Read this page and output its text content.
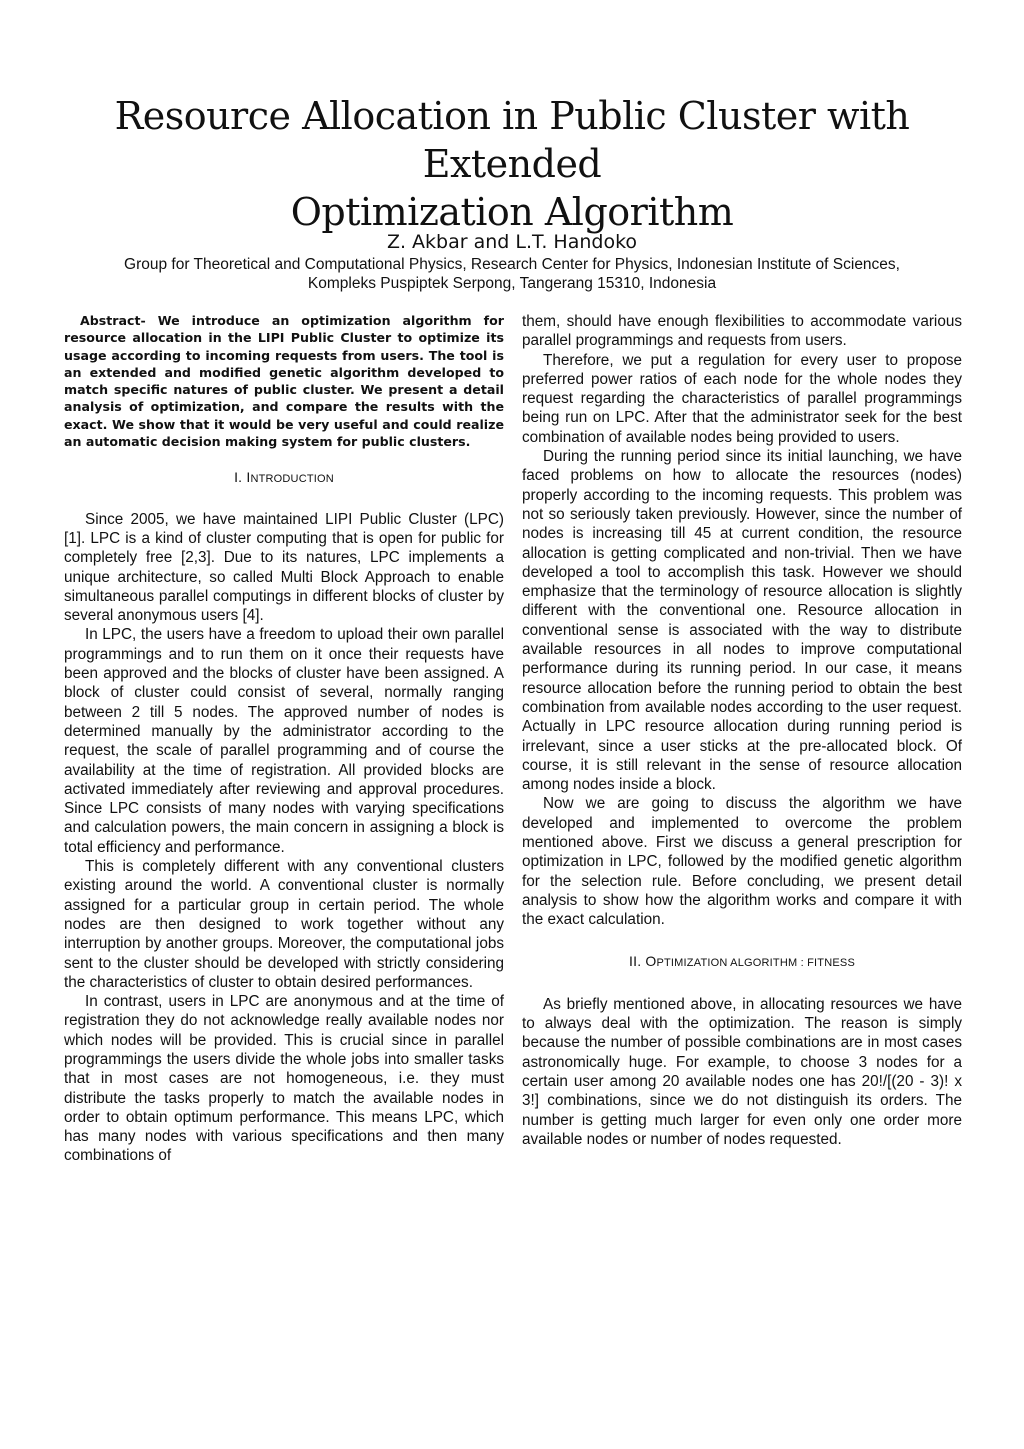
Resource Allocation in Public Cluster with Extended
Optimization Algorithm
Z. Akbar and L.T. Handoko
Group for Theoretical and Computational Physics, Research Center for Physics, Indonesian Institute of Sciences,
Kompleks Puspiptek Serpong, Tangerang 15310, Indonesia

Abstract- We introduce an optimization algorithm for resource allocation in the LIPI Public Cluster to optimize its usage according to incoming requests from users. The tool is an extended and modified genetic algorithm developed to match specific natures of public cluster. We present a detail analysis of optimization, and compare the results with the exact. We show that it would be very useful and could realize an automatic decision making system for public clusters.

I. INTRODUCTION

Since 2005, we have maintained LIPI Public Cluster (LPC) [1]. LPC is a kind of cluster computing that is open for public for completely free [2,3]. Due to its natures, LPC implements a unique architecture, so called Multi Block Approach to enable simultaneous parallel computings in different blocks of cluster by several anonymous users [4].

In LPC, the users have a freedom to upload their own parallel programmings and to run them on it once their requests have been approved and the blocks of cluster have been assigned. A block of cluster could consist of several, normally ranging between 2 till 5 nodes. The approved number of nodes is determined manually by the administrator according to the request, the scale of parallel programming and of course the availability at the time of registration. All provided blocks are activated immediately after reviewing and approval procedures. Since LPC consists of many nodes with varying specifications and calculation powers, the main concern in assigning a block is total efficiency and performance.

This is completely different with any conventional clusters existing around the world. A conventional cluster is normally assigned for a particular group in certain period. The whole nodes are then designed to work together without any interruption by another groups. Moreover, the computational jobs sent to the cluster should be developed with strictly considering the characteristics of cluster to obtain desired performances.

In contrast, users in LPC are anonymous and at the time of registration they do not acknowledge really available nodes nor which nodes will be provided. This is crucial since in parallel programmings the users divide the whole jobs into smaller tasks that in most cases are not homogeneous, i.e. they must distribute the tasks properly to match the available nodes in order to obtain optimum performance. This means LPC, which has many nodes with various specifications and then many combinations of

them, should have enough flexibilities to accommodate various parallel programmings and requests from users.

Therefore, we put a regulation for every user to propose preferred power ratios of each node for the whole nodes they request regarding the characteristics of parallel programmings being run on LPC. After that the administrator seek for the best combination of available nodes being provided to users.

During the running period since its initial launching, we have faced problems on how to allocate the resources (nodes) properly according to the incoming requests. This problem was not so seriously taken previously. However, since the number of nodes is increasing till 45 at current condition, the resource allocation is getting complicated and non-trivial. Then we have developed a tool to accomplish this task. However we should emphasize that the terminology of resource allocation is slightly different with the conventional one. Resource allocation in conventional sense is associated with the way to distribute available resources in all nodes to improve computational performance during its running period. In our case, it means resource allocation before the running period to obtain the best combination from available nodes according to the user request. Actually in LPC resource allocation during running period is irrelevant, since a user sticks at the pre-allocated block. Of course, it is still relevant in the sense of resource allocation among nodes inside a block.

Now we are going to discuss the algorithm we have developed and implemented to overcome the problem mentioned above. First we discuss a general prescription for optimization in LPC, followed by the modified genetic algorithm for the selection rule. Before concluding, we present detail analysis to show how the algorithm works and compare it with the exact calculation.

II. OPTIMIZATION ALGORITHM : FITNESS

As briefly mentioned above, in allocating resources we have to always deal with the optimization. The reason is simply because the number of possible combinations are in most cases astronomically huge. For example, to choose 3 nodes for a certain user among 20 available nodes one has 20!/[(20 - 3)! x 3!] combinations, since we do not distinguish its orders. The number is getting much larger for even only one order more available nodes or number of nodes requested.
